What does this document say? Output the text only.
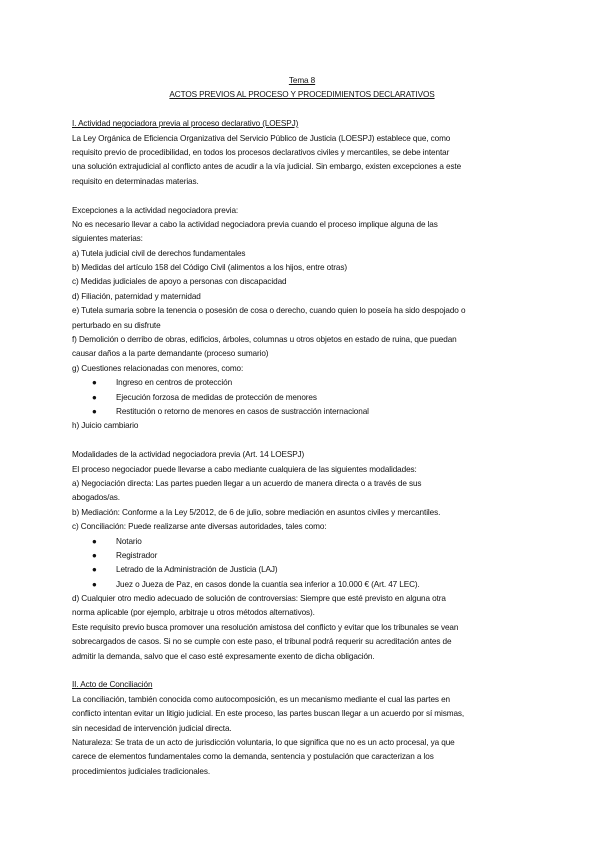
Tema 8
ACTOS PREVIOS AL PROCESO Y PROCEDIMIENTOS DECLARATIVOS
I. Actividad negociadora previa al proceso declarativo (LOESPJ)
La Ley Orgánica de Eficiencia Organizativa del Servicio Público de Justicia (LOESPJ) establece que, como
requisito previo de procedibilidad, en todos los procesos declarativos civiles y mercantiles, se debe intentar
una solución extrajudicial al conflicto antes de acudir a la vía judicial. Sin embargo, existen excepciones a este
requisito en determinadas materias.
Excepciones a la actividad negociadora previa:
No es necesario llevar a cabo la actividad negociadora previa cuando el proceso implique alguna de las
siguientes materias:
a) Tutela judicial civil de derechos fundamentales
b) Medidas del artículo 158 del Código Civil (alimentos a los hijos, entre otras)
c) Medidas judiciales de apoyo a personas con discapacidad
d) Filiación, paternidad y maternidad
e) Tutela sumaria sobre la tenencia o posesión de cosa o derecho, cuando quien lo poseía ha sido despojado o
perturbado en su disfrute
f) Demolición o derribo de obras, edificios, árboles, columnas u otros objetos en estado de ruina, que puedan
causar daños a la parte demandante (proceso sumario)
g) Cuestiones relacionadas con menores, como:
● Ingreso en centros de protección
● Ejecución forzosa de medidas de protección de menores
● Restitución o retorno de menores en casos de sustracción internacional
h) Juicio cambiario
Modalidades de la actividad negociadora previa (Art. 14 LOESPJ)
El proceso negociador puede llevarse a cabo mediante cualquiera de las siguientes modalidades:
a) Negociación directa: Las partes pueden llegar a un acuerdo de manera directa o a través de sus
abogados/as.
b) Mediación: Conforme a la Ley 5/2012, de 6 de julio, sobre mediación en asuntos civiles y mercantiles.
c) Conciliación: Puede realizarse ante diversas autoridades, tales como:
● Notario
● Registrador
● Letrado de la Administración de Justicia (LAJ)
● Juez o Jueza de Paz, en casos donde la cuantía sea inferior a 10.000 € (Art. 47 LEC).
d) Cualquier otro medio adecuado de solución de controversias: Siempre que esté previsto en alguna otra
norma aplicable (por ejemplo, arbitraje u otros métodos alternativos).
Este requisito previo busca promover una resolución amistosa del conflicto y evitar que los tribunales se vean
sobrecargados de casos. Si no se cumple con este paso, el tribunal podrá requerir su acreditación antes de
admitir la demanda, salvo que el caso esté expresamente exento de dicha obligación.
II. Acto de Conciliación
La conciliación, también conocida como autocomposición, es un mecanismo mediante el cual las partes en
conflicto intentan evitar un litigio judicial. En este proceso, las partes buscan llegar a un acuerdo por sí mismas,
sin necesidad de intervención judicial directa.
Naturaleza: Se trata de un acto de jurisdicción voluntaria, lo que significa que no es un acto procesal, ya que
carece de elementos fundamentales como la demanda, sentencia y postulación que caracterizan a los
procedimientos judiciales tradicionales.
